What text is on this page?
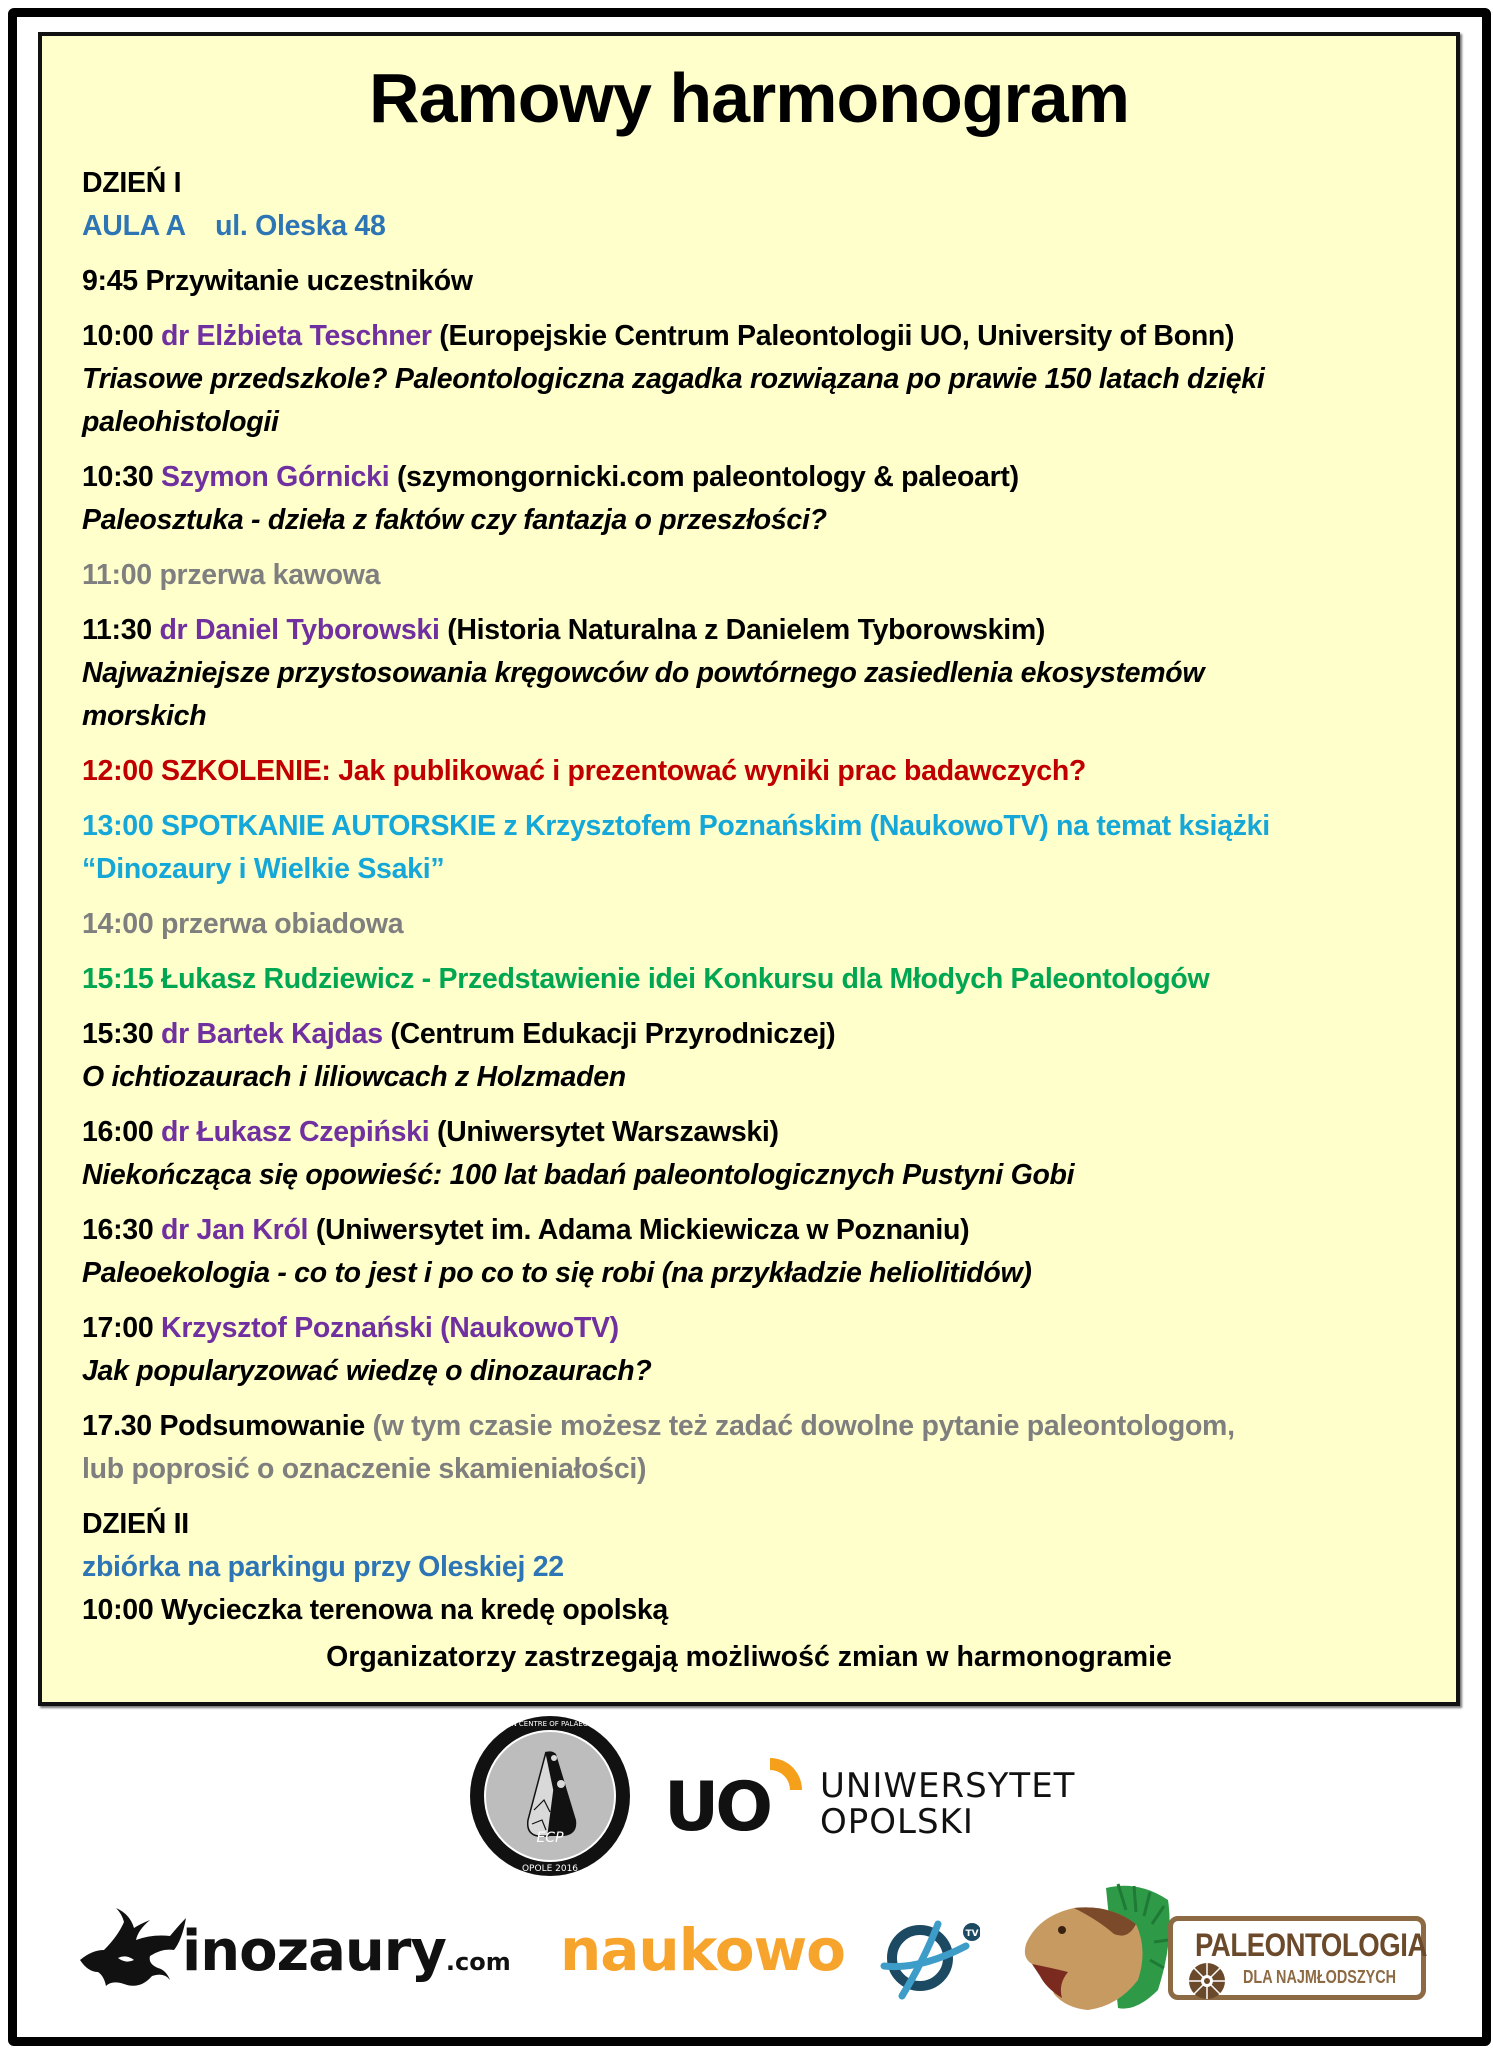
Ramowy harmonogram
DZIEŃ I
AULA A    ul. Oleska 48
9:45 Przywitanie uczestników
10:00 dr Elżbieta Teschner (Europejskie Centrum Paleontologii UO, University of Bonn)
Triasowe przedszkole? Paleontologiczna zagadka rozwiązana po prawie 150 latach dzięki
paleohistologii
10:30 Szymon Górnicki (szymongornicki.com paleontology & paleoart)
Paleosztuka - dzieła z faktów czy fantazja o przeszłości?
11:00 przerwa kawowa
11:30 dr Daniel Tyborowski (Historia Naturalna z Danielem Tyborowskim)
Najważniejsze przystosowania kręgowców do powtórnego zasiedlenia ekosystemów
morskich
12:00 SZKOLENIE: Jak publikować i prezentować wyniki prac badawczych?
13:00 SPOTKANIE AUTORSKIE z Krzysztofem Poznańskim (NaukowoTV) na temat książki
“Dinozaury i Wielkie Ssaki”
14:00 przerwa obiadowa
15:15 Łukasz Rudziewicz - Przedstawienie idei Konkursu dla Młodych Paleontologów
15:30 dr Bartek Kajdas (Centrum Edukacji Przyrodniczej)
O ichtiozaurach i liliowcach z Holzmaden
16:00 dr Łukasz Czepiński (Uniwersytet Warszawski)
Niekończąca się opowieść: 100 lat badań paleontologicznych Pustyni Gobi
16:30 dr Jan Król (Uniwersytet im. Adama Mickiewicza w Poznaniu)
Paleoekologia - co to jest i po co to się robi (na przykładzie heliolitidów)
17:00 Krzysztof Poznański (NaukowoTV)
Jak popularyzować wiedzę o dinozaurach?
17.30 Podsumowanie (w tym czasie możesz też zadać dowolne pytanie paleontologom,
lub poprosić o oznaczenie skamieniałości)
DZIEŃ II
zbiórka na parkingu przy Oleskiej 22
10:00 Wycieczka terenowa na kredę opolską
Organizatorzy zastrzegają możliwość zmian w harmonogramie
EUROPEAN CENTRE OF PALAEONTOLOGY
ECP
OPOLE 2016
UO UNIWERSYTET
OPOLSKI
inozaury.com naukowo	TV	PALEONTOLOGIA
DLA NAJMŁODSZYCH
